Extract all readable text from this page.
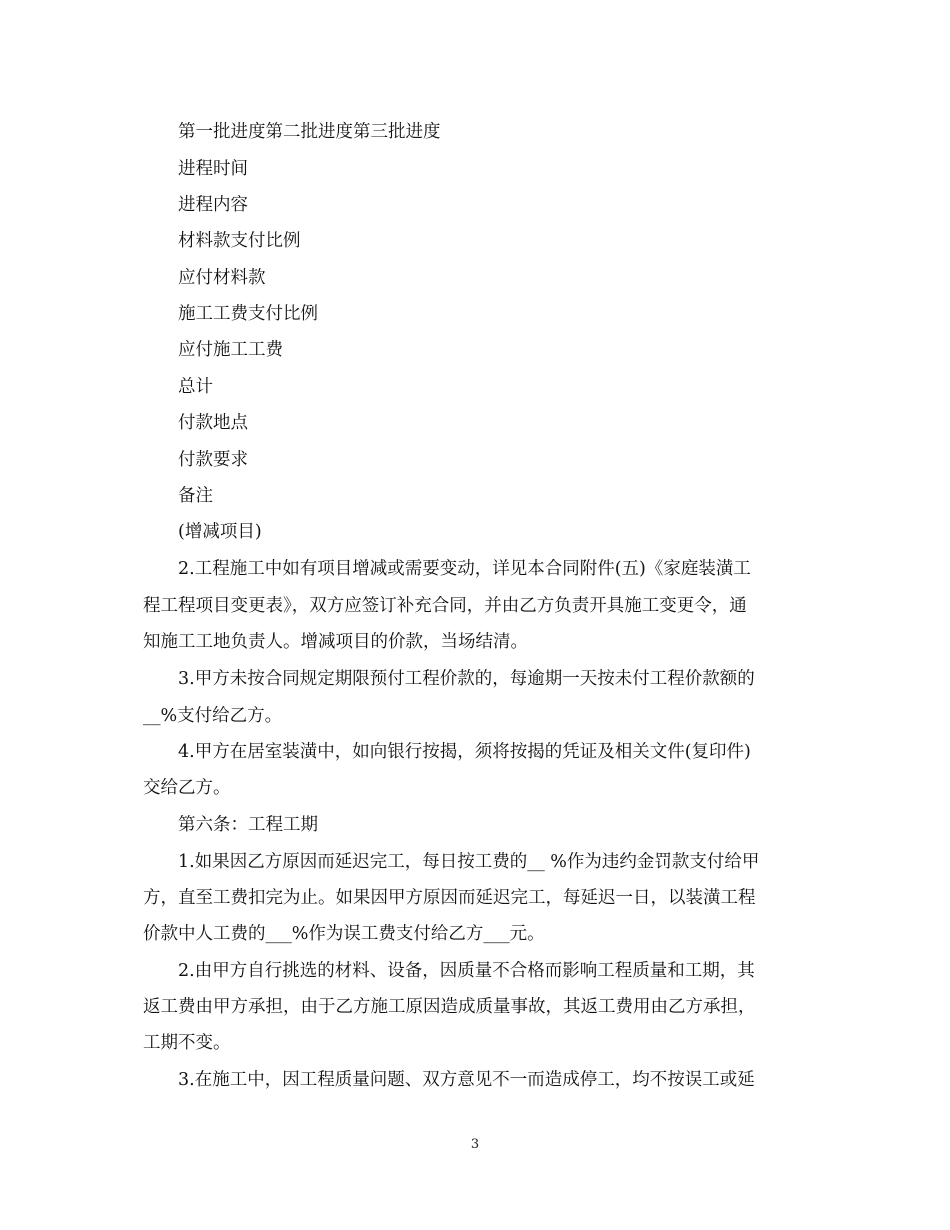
第一批进度第二批进度第三批进度
进程时间
进程内容
材料款支付比例
应付材料款
施工工费支付比例
应付施工工费
总计
付款地点
付款要求
备注
(增减项目)
2.工程施工中如有项目增减或需要变动，详见本合同附件(五)《家庭装潢工
程工程项目变更表》，双方应签订补充合同，并由乙方负责开具施工变更令，通
知施工工地负责人。增减项目的价款，当场结清。
3.甲方未按合同规定期限预付工程价款的，每逾期一天按未付工程价款额的
__%支付给乙方。
4.甲方在居室装潢中，如向银行按揭，须将按揭的凭证及相关文件(复印件)
交给乙方。
第六条：工程工期
1.如果因乙方原因而延迟完工，每日按工费的__ %作为违约金罚款支付给甲
方，直至工费扣完为止。如果因甲方原因而延迟完工，每延迟一日，以装潢工程
价款中人工费的___%作为误工费支付给乙方___元。
2.由甲方自行挑选的材料、设备，因质量不合格而影响工程质量和工期，其
返工费由甲方承担，由于乙方施工原因造成质量事故，其返工费用由乙方承担，
工期不变。
3.在施工中，因工程质量问题、双方意见不一而造成停工，均不按误工或延
3
